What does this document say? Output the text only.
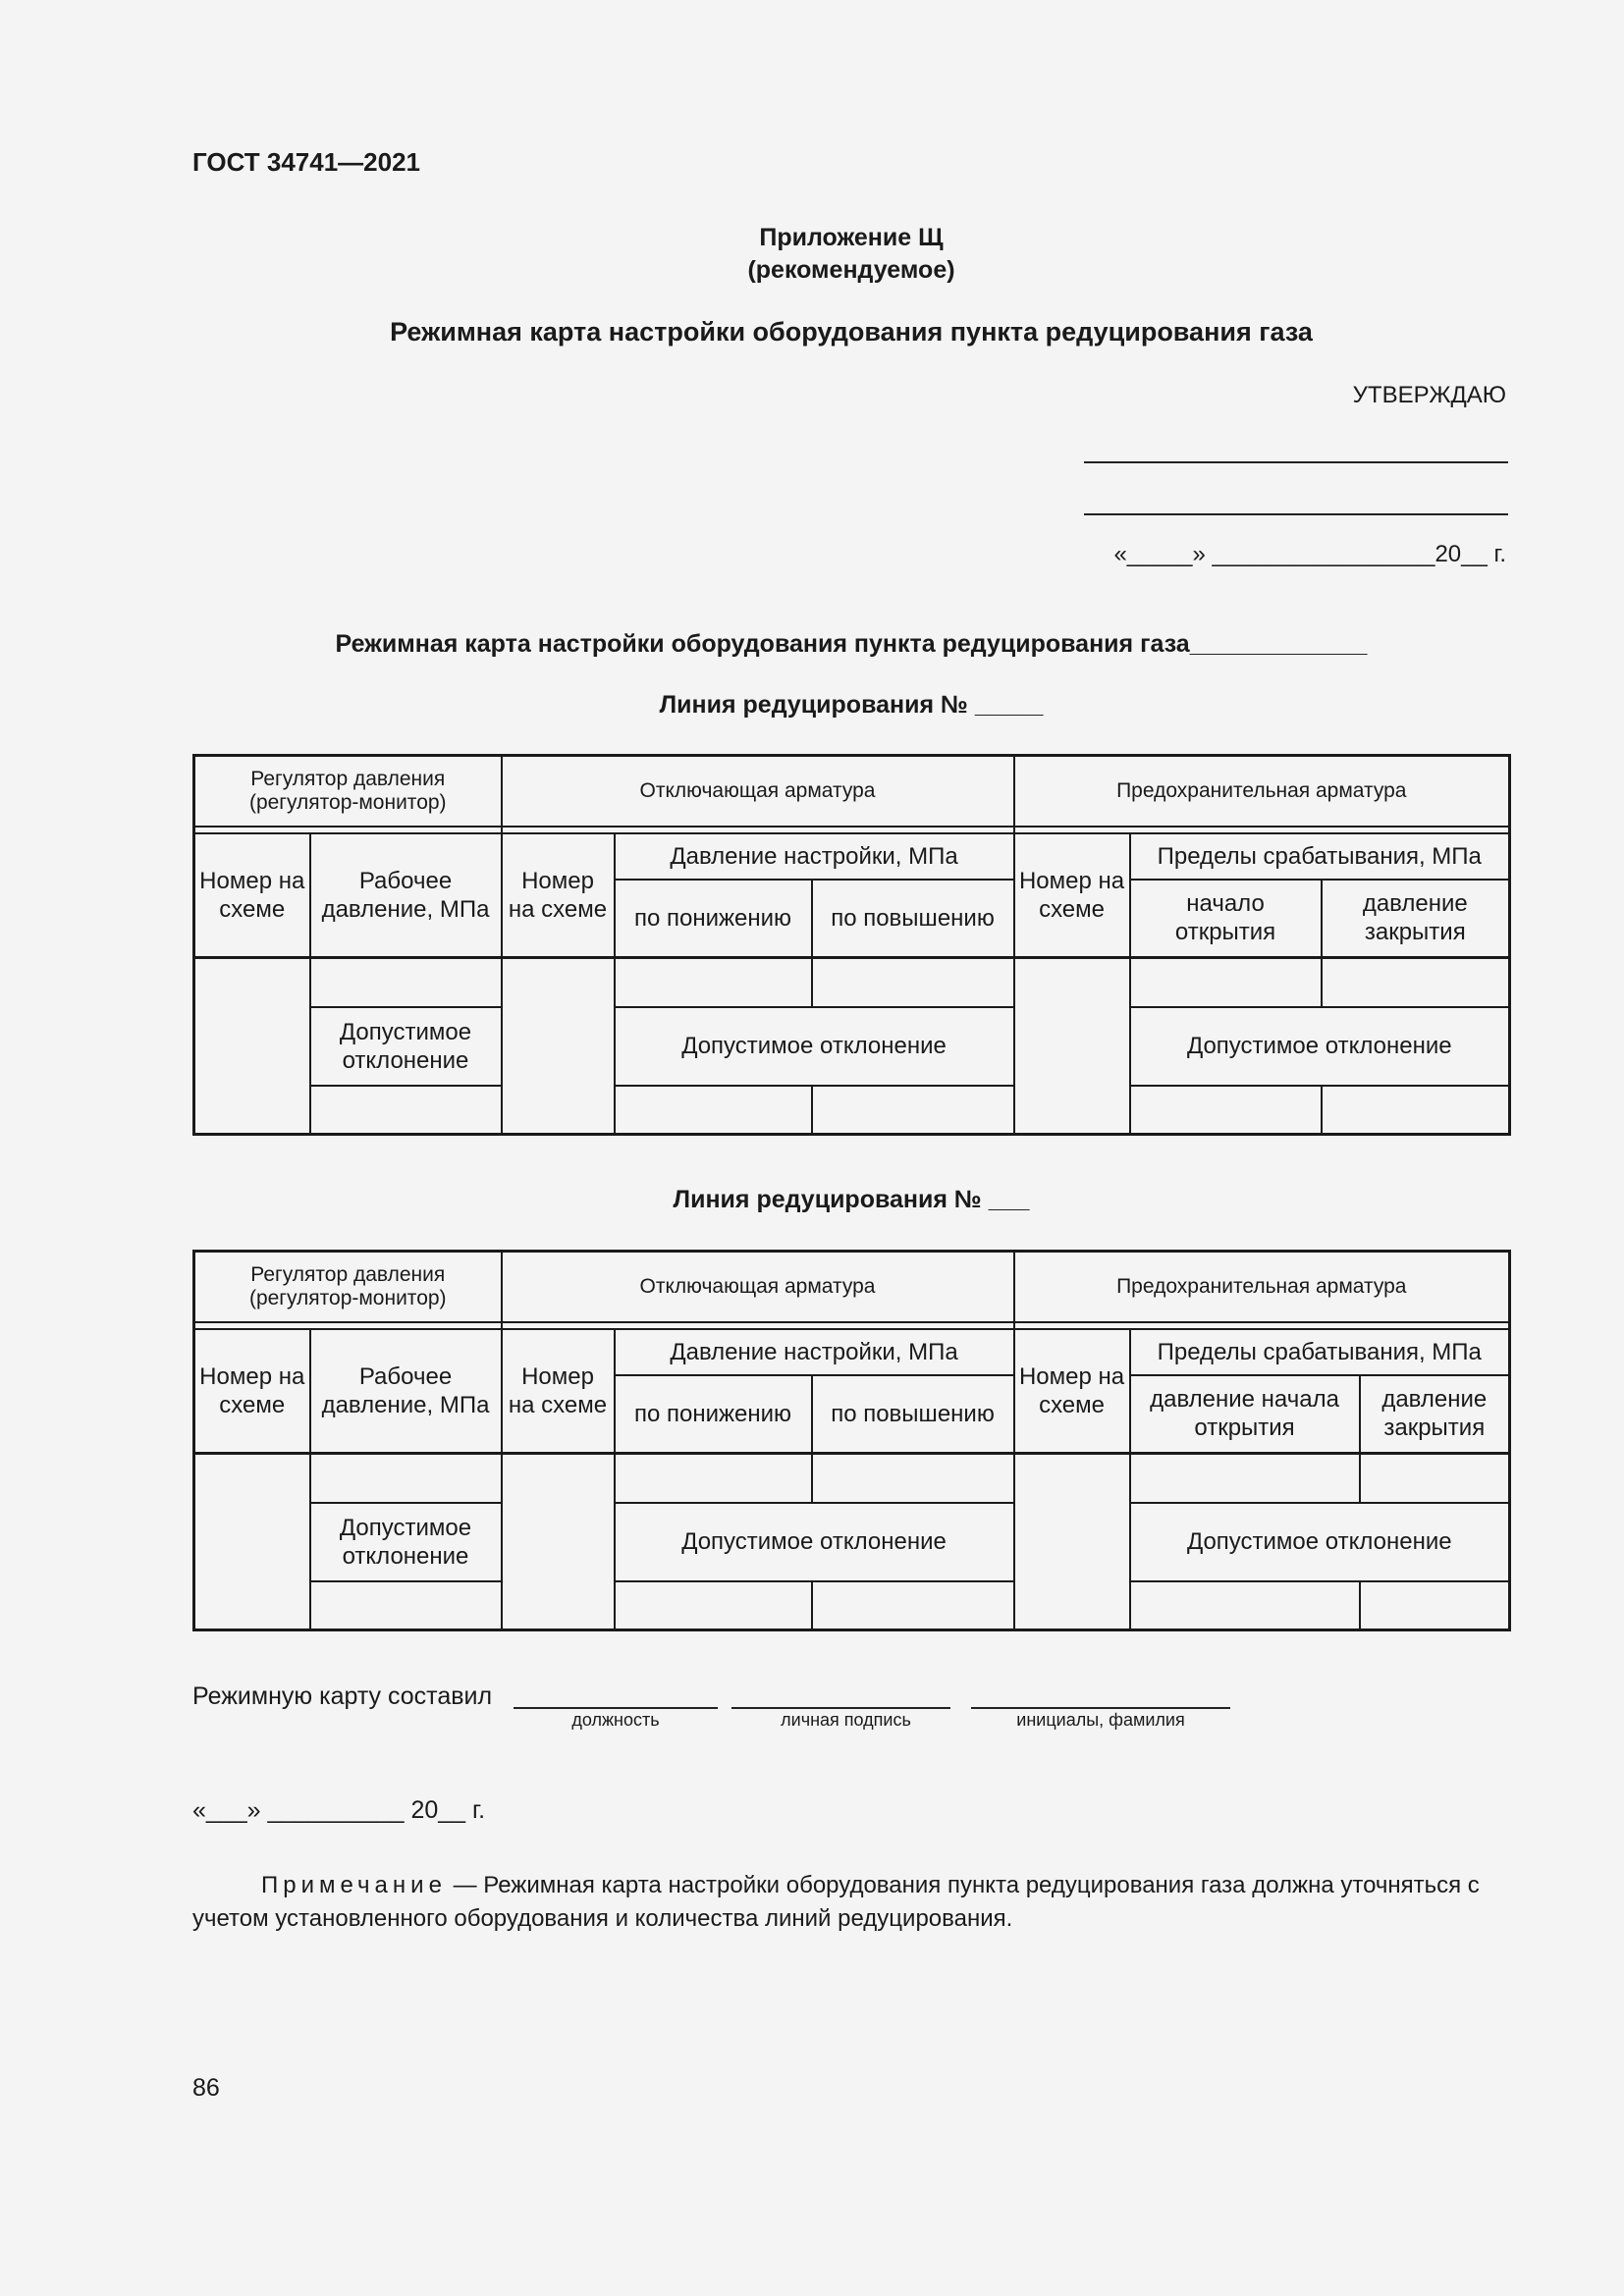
ГОСТ 34741—2021
Приложение Щ
(рекомендуемое)
Режимная карта настройки оборудования пункта редуцирования газа
УТВЕРЖДАЮ
«_____» _________________20__ г.
Режимная карта настройки оборудования пункта редуцирования газа_____________
Линия редуцирования № _____
Регулятор давления (регулятор-монитор)		Отключающая арматура			Предохранительная арматура		

Номер на схеме	Рабочее давление, МПа	Номер на схеме	Давление настройки, МПа		Номер на схеме	Пределы срабатывания, МПа	
			по понижению	по повышению		начало открытия	давление закрытия

	Допустимое отклонение		Допустимое отклонение			Допустимое отклонение	

Линия редуцирования № ___
Регулятор давления (регулятор-монитор)		Отключающая арматура			Предохранительная арматура		

Номер на схеме	Рабочее давление, МПа	Номер на схеме	Давление настройки, МПа		Номер на схеме	Пределы срабатывания, МПа	
			по понижению	по повышению		давление начала открытия	давление закрытия

	Допустимое отклонение		Допустимое отклонение			Допустимое отклонение	

Режимную карту составил
должность	личная подпись	инициалы, фамилия
«___» __________ 20__ г.
Примечание — Режимная карта настройки оборудования пункта редуцирования газа должна уточняться с учетом установленного оборудования и количества линий редуцирования.
86
